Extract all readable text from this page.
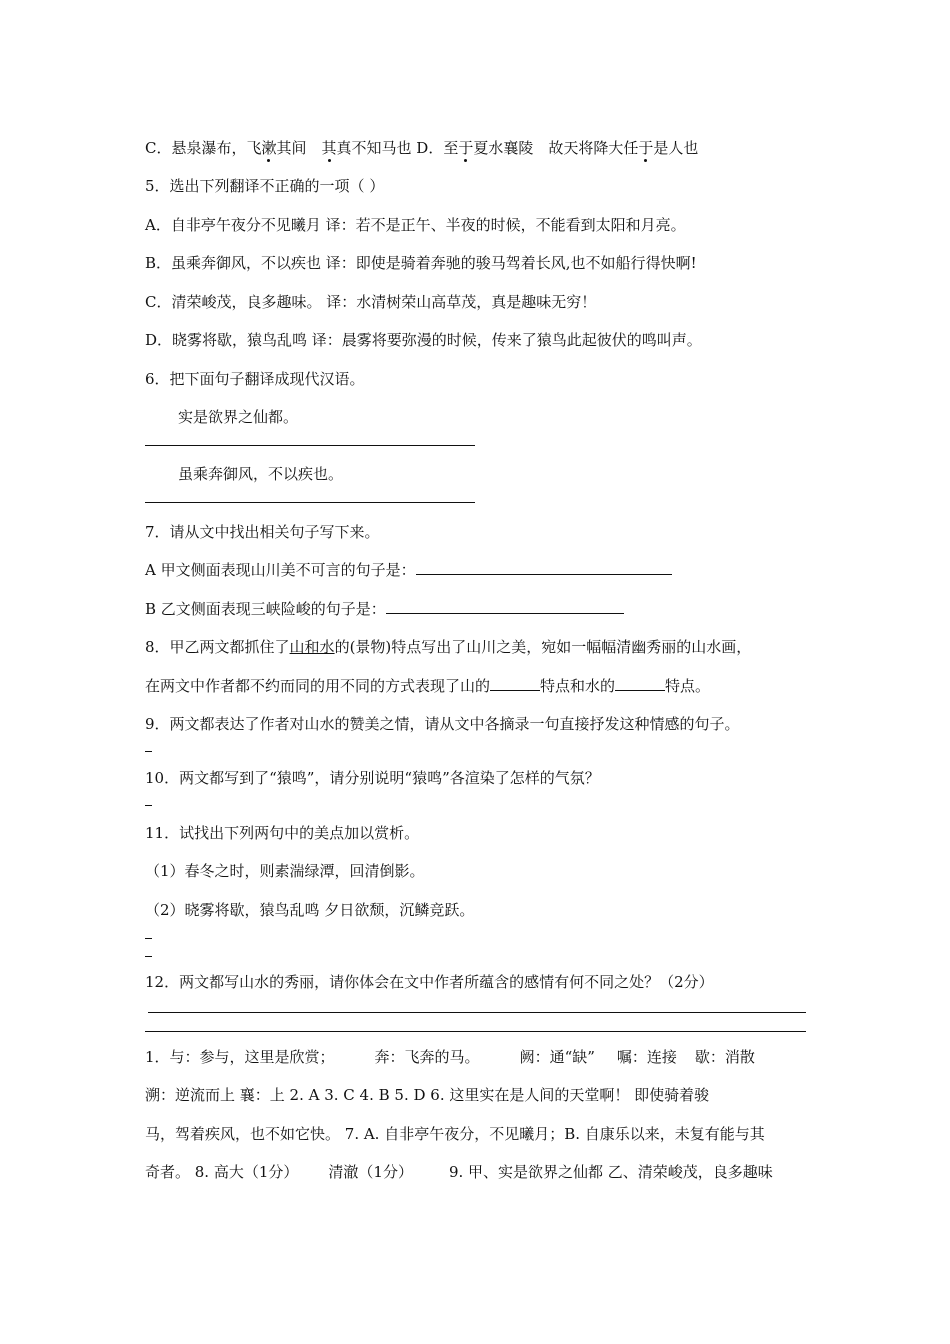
C．悬泉瀑布，飞漱其间　其真不知马也 D．至于夏水襄陵　故天将降大任于是人也
5．选出下列翻译不正确的一项（ ）
A．自非亭午夜分不见曦月 译：若不是正午、半夜的时候，不能看到太阳和月亮。
B．虽乘奔御风，不以疾也 译：即使是骑着奔驰的骏马驾着长风,也不如船行得快啊!
C．清荣峻茂，良多趣味。 译：水清树荣山高草茂，真是趣味无穷！
D．晓雾将歇，猿鸟乱鸣 译：晨雾将要弥漫的时候，传来了猿鸟此起彼伏的鸣叫声。
6．把下面句子翻译成现代汉语。
实是欲界之仙都。
虽乘奔御风，不以疾也。
7．请从文中找出相关句子写下来。
A 甲文侧面表现山川美不可言的句子是：
B 乙文侧面表现三峡险峻的句子是：
8．甲乙两文都抓住了山和水的(景物)特点写出了山川之美，宛如一幅幅清幽秀丽的山水画，
在两文中作者都不约而同的用不同的方式表现了山的	特点和水的	特点。
9．两文都表达了作者对山水的赞美之情，请从文中各摘录一句直接抒发这种情感的句子。
10．两文都写到了“猿鸣”，请分别说明“猿鸣”各渲染了怎样的气氛？
11．试找出下列两句中的美点加以赏析。
（1）春冬之时，则素湍绿潭，回清倒影。
（2）晓雾将歇，猿鸟乱鸣 夕日欲颓，沉鳞竞跃。
12．两文都写山水的秀丽，请你体会在文中作者所蕴含的感情有何不同之处？（2分）
1．与：参与，这里是欣赏；	奔：飞奔的马。	阙：通“缺” 嘱：连接 歇：消散
溯：逆流而上 襄：上 2. A 3. C 4. B 5. D 6. 这里实在是人间的天堂啊！ 即使骑着骏
马，驾着疾风，也不如它快。 7. A. 自非亭午夜分，不见曦月；B. 自康乐以来，未复有能与其
奇者。 8. 高大（1分） 清澈（1分） 9. 甲、实是欲界之仙都 乙、清荣峻茂，良多趣味
